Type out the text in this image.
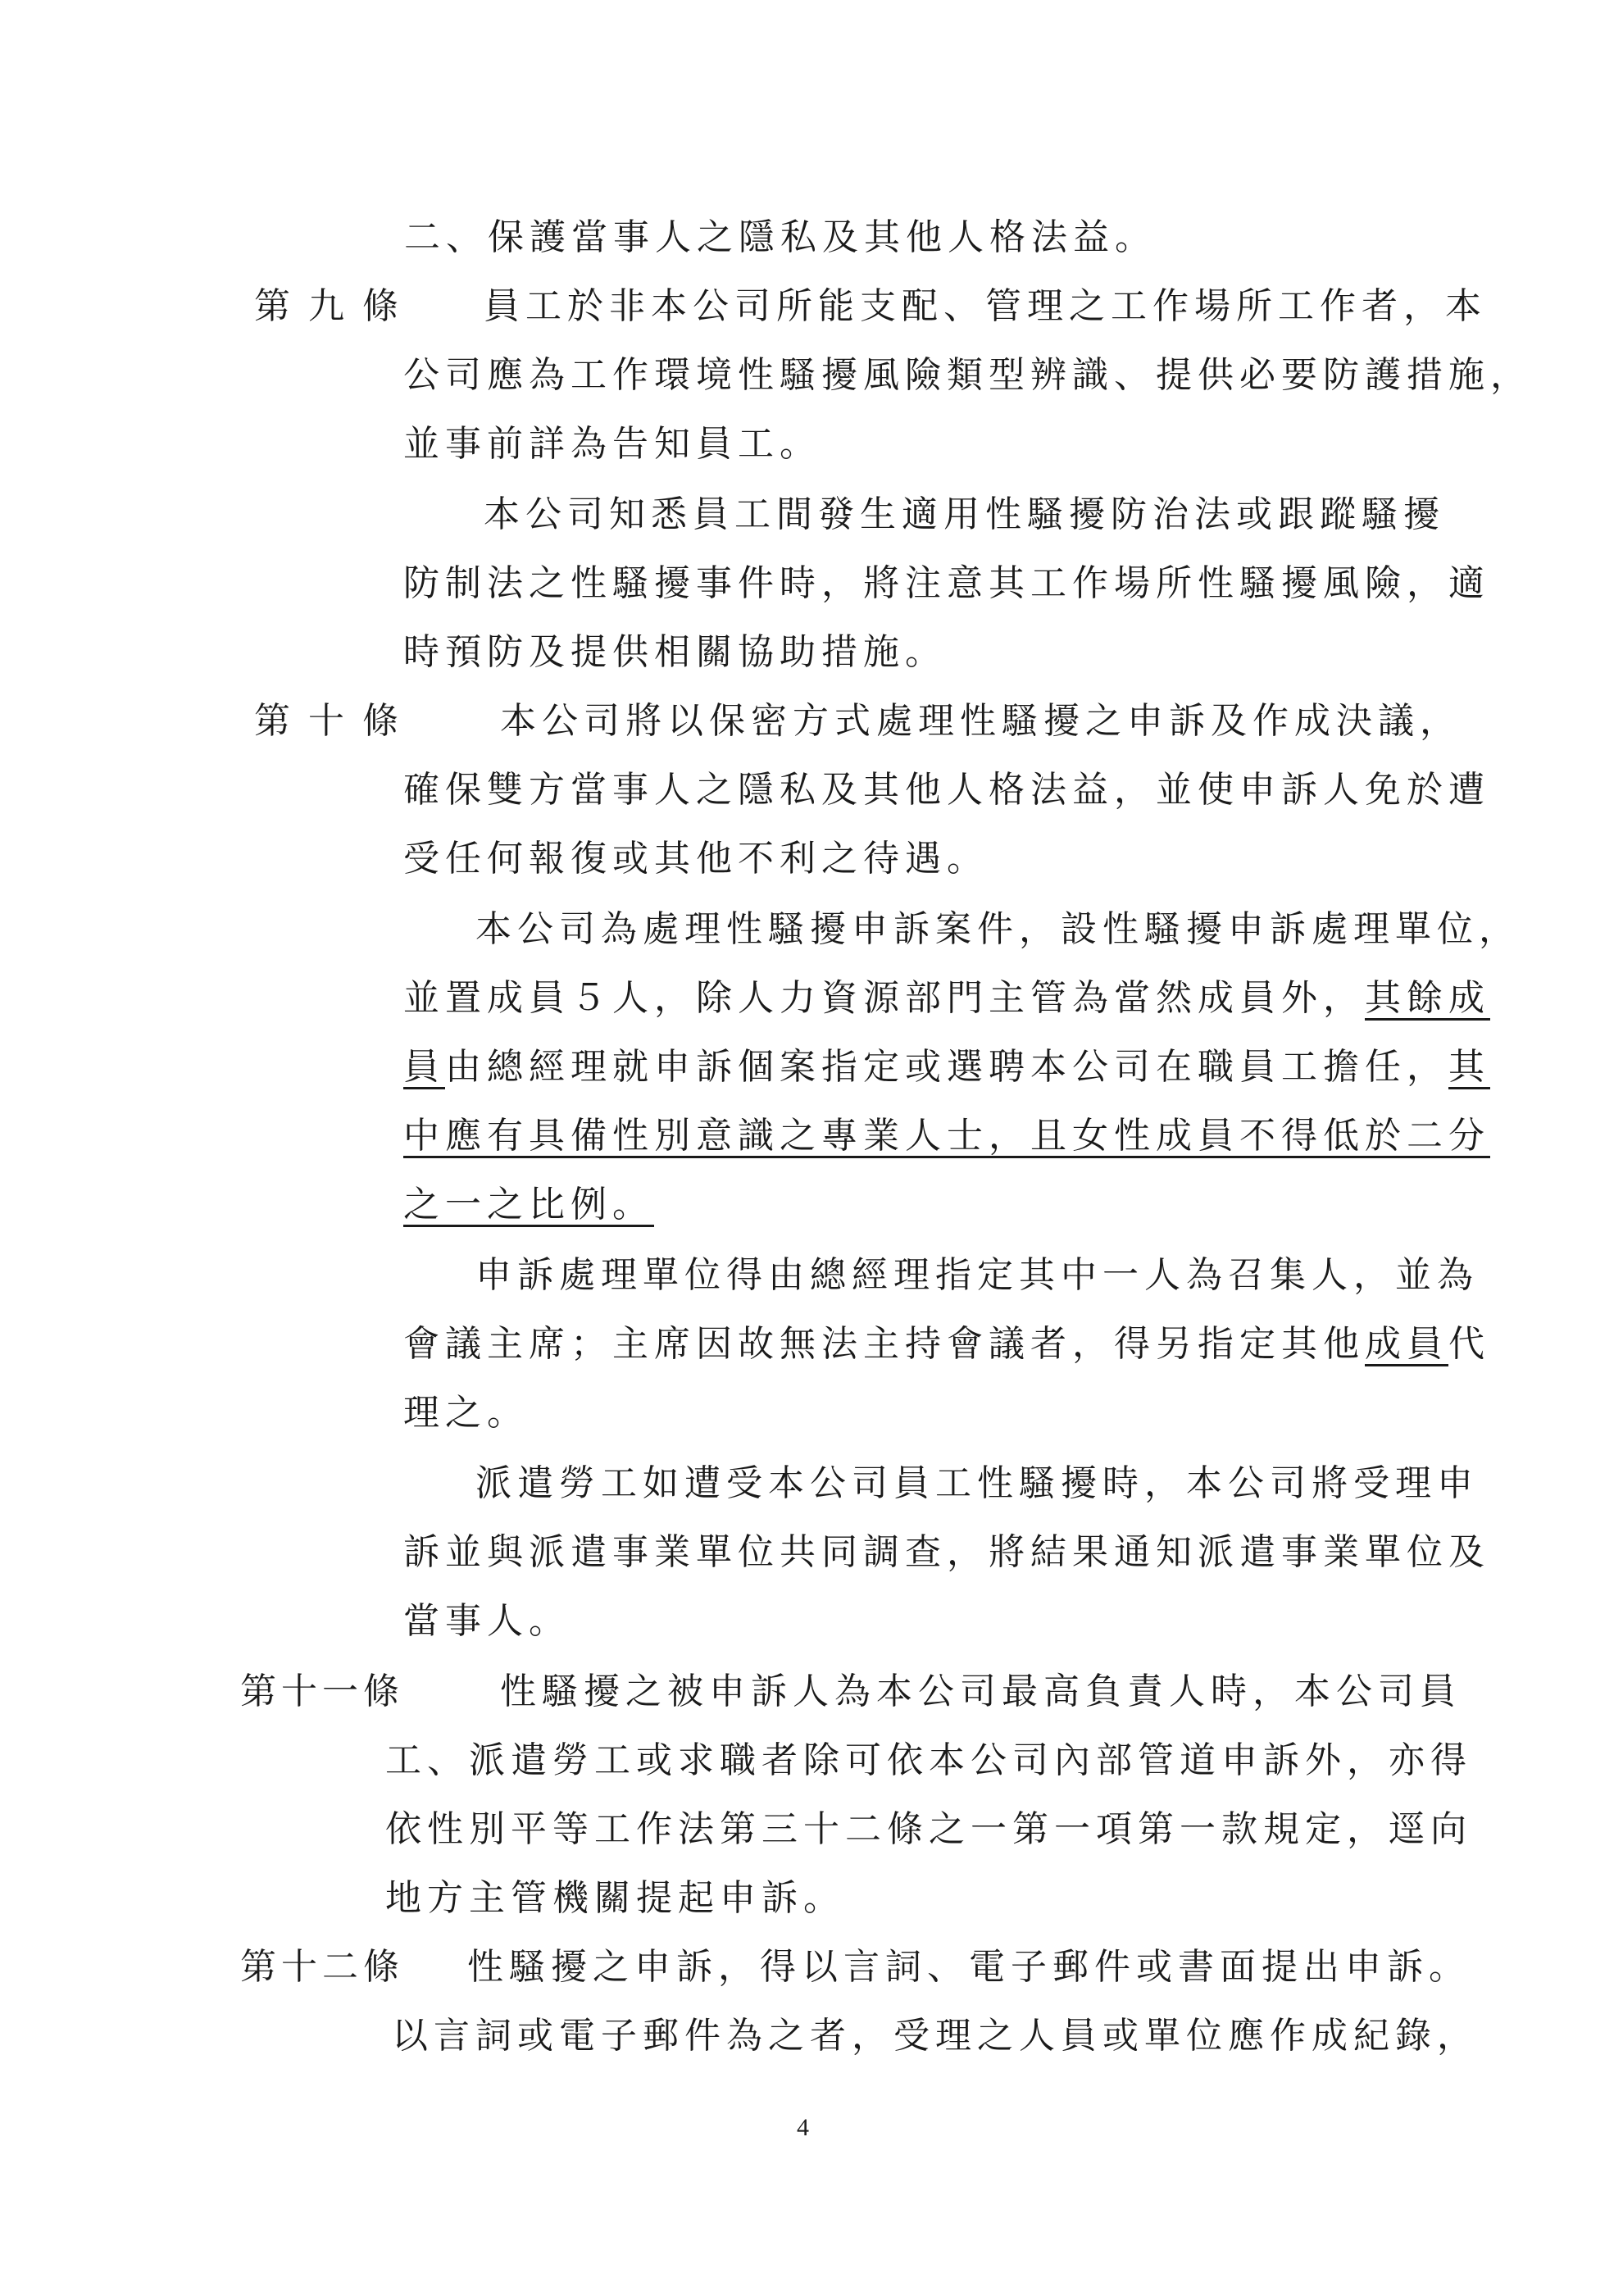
二、保護當事人之隱私及其他人格法益。
第九條 員工於非本公司所能支配、管理之工作場所工作者，本
公司應為工作環境性騷擾風險類型辨識、提供必要防護措施，
並事前詳為告知員工。
本公司知悉員工間發生適用性騷擾防治法或跟蹤騷擾
防制法之性騷擾事件時，將注意其工作場所性騷擾風險，適
時預防及提供相關協助措施。
第十條 本公司將以保密方式處理性騷擾之申訴及作成決議，
確保雙方當事人之隱私及其他人格法益，並使申訴人免於遭
受任何報復或其他不利之待遇。
本公司為處理性騷擾申訴案件，設性騷擾申訴處理單位，
並置成員５人，除人力資源部門主管為當然成員外，其餘成
員由總經理就申訴個案指定或選聘本公司在職員工擔任，其
中應有具備性別意識之專業人士，且女性成員不得低於二分
之一之比例。
申訴處理單位得由總經理指定其中一人為召集人，並為
會議主席；主席因故無法主持會議者，得另指定其他成員代
理之。
派遣勞工如遭受本公司員工性騷擾時，本公司將受理申
訴並與派遣事業單位共同調查，將結果通知派遣事業單位及
當事人。
第十一條	性騷擾之被申訴人為本公司最高負責人時，本公司員
工、派遣勞工或求職者除可依本公司內部管道申訴外，亦得
依性別平等工作法第三十二條之一第一項第一款規定，逕向
地方主管機關提起申訴。
第十二條 性騷擾之申訴，得以言詞、電子郵件或書面提出申訴。
以言詞或電子郵件為之者，受理之人員或單位應作成紀錄，
4
